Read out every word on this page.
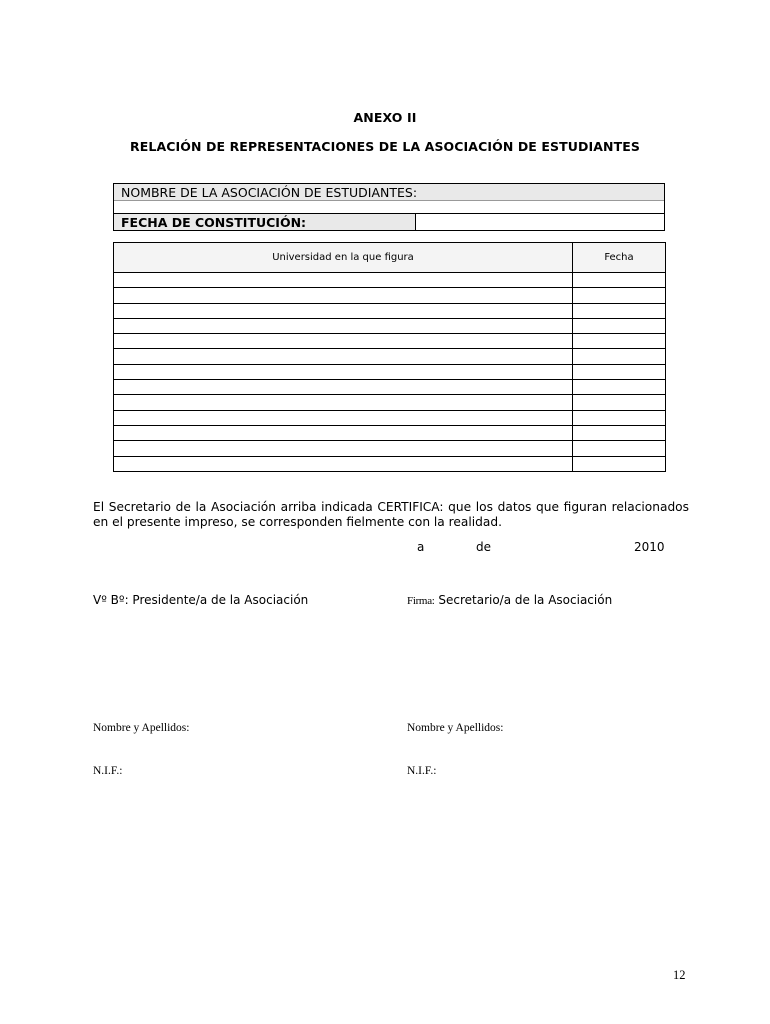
ANEXO II
RELACIÓN DE REPRESENTACIONES DE LA ASOCIACIÓN DE ESTUDIANTES
NOMBRE DE LA ASOCIACIÓN DE ESTUDIANTES:
FECHA DE CONSTITUCIÓN:
Universidad en la que figura	Fecha

El Secretario de la Asociación arriba indicada CERTIFICA: que los datos que figuran relacionados en el presente impreso, se corresponden fielmente con la realidad.
a	de	2010
Vº Bº: Presidente/a de la Asociación	Firma: Secretario/a de la Asociación
Nombre y Apellidos:	Nombre y Apellidos:
N.I.F.:	N.I.F.:
12
